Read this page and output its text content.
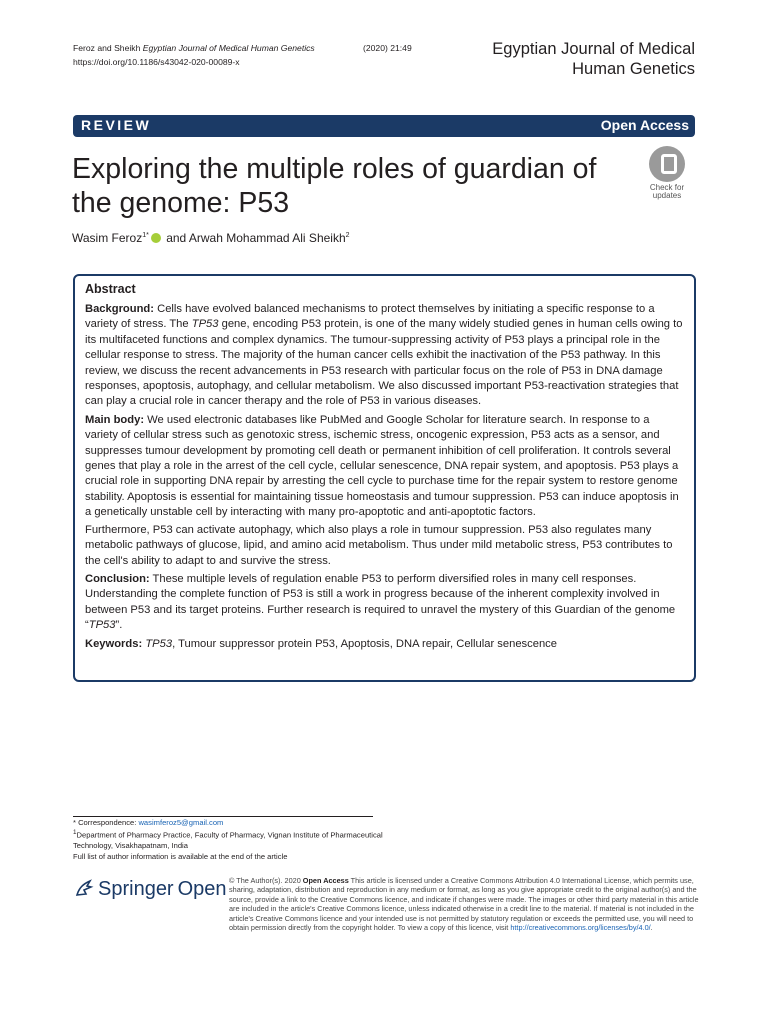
Feroz and Sheikh Egyptian Journal of Medical Human Genetics	(2020) 21:49
https://doi.org/10.1186/s43042-020-00089-x
Egyptian Journal of Medical
Human Genetics
REVIEW	Open Access
Exploring the multiple roles of guardian of the genome: P53	Check for
updates
Wasim Feroz$^{1*}$ and Arwah Mohammad Ali Sheikh$^2$
Abstract

Background: Cells have evolved balanced mechanisms to protect themselves by initiating a specific response to a variety of stress. The TP53 gene, encoding P53 protein, is one of the many widely studied genes in human cells owing to its multifaceted functions and complex dynamics. The tumour-suppressing activity of P53 plays a principal role in the cellular response to stress. The majority of the human cancer cells exhibit the inactivation of the P53 pathway. In this review, we discuss the recent advancements in P53 research with particular focus on the role of P53 in DNA damage responses, apoptosis, autophagy, and cellular metabolism. We also discussed important P53-reactivation strategies that can play a crucial role in cancer therapy and the role of P53 in various diseases.

Main body: We used electronic databases like PubMed and Google Scholar for literature search. In response to a variety of cellular stress such as genotoxic stress, ischemic stress, oncogenic expression, P53 acts as a sensor, and suppresses tumour development by promoting cell death or permanent inhibition of cell proliferation. It controls several genes that play a role in the arrest of the cell cycle, cellular senescence, DNA repair system, and apoptosis. P53 plays a crucial role in supporting DNA repair by arresting the cell cycle to purchase time for the repair system to restore genome stability. Apoptosis is essential for maintaining tissue homeostasis and tumour suppression. P53 can induce apoptosis in a genetically unstable cell by interacting with many pro-apoptotic and anti-apoptotic factors.

Furthermore, P53 can activate autophagy, which also plays a role in tumour suppression. P53 also regulates many metabolic pathways of glucose, lipid, and amino acid metabolism. Thus under mild metabolic stress, P53 contributes to the cell's ability to adapt to and survive the stress.

Conclusion: These multiple levels of regulation enable P53 to perform diversified roles in many cell responses. Understanding the complete function of P53 is still a work in progress because of the inherent complexity involved in between P53 and its target proteins. Further research is required to unravel the mystery of this Guardian of the genome “TP53”.

Keywords: TP53, Tumour suppressor protein P53, Apoptosis, DNA repair, Cellular senescence

* Correspondence: wasimferoz5@gmail.com
$^1$Department of Pharmacy Practice, Faculty of Pharmacy, Vignan Institute of Pharmaceutical Technology, Visakhapatnam, India
Full list of author information is available at the end of the article
Springer Open © The Author(s). 2020 Open Access This article is licensed under a Creative Commons Attribution 4.0 International License, which permits use, sharing, adaptation, distribution and reproduction in any medium or format, as long as you give appropriate credit to the original author(s) and the source, provide a link to the Creative Commons licence, and indicate if changes were made. The images or other third party material in this article are included in the article's Creative Commons licence, unless indicated otherwise in a credit line to the material. If material is not included in the article's Creative Commons licence and your intended use is not permitted by statutory regulation or exceeds the permitted use, you will need to obtain permission directly from the copyright holder. To view a copy of this licence, visit http://creativecommons.org/licenses/by/4.0/.
